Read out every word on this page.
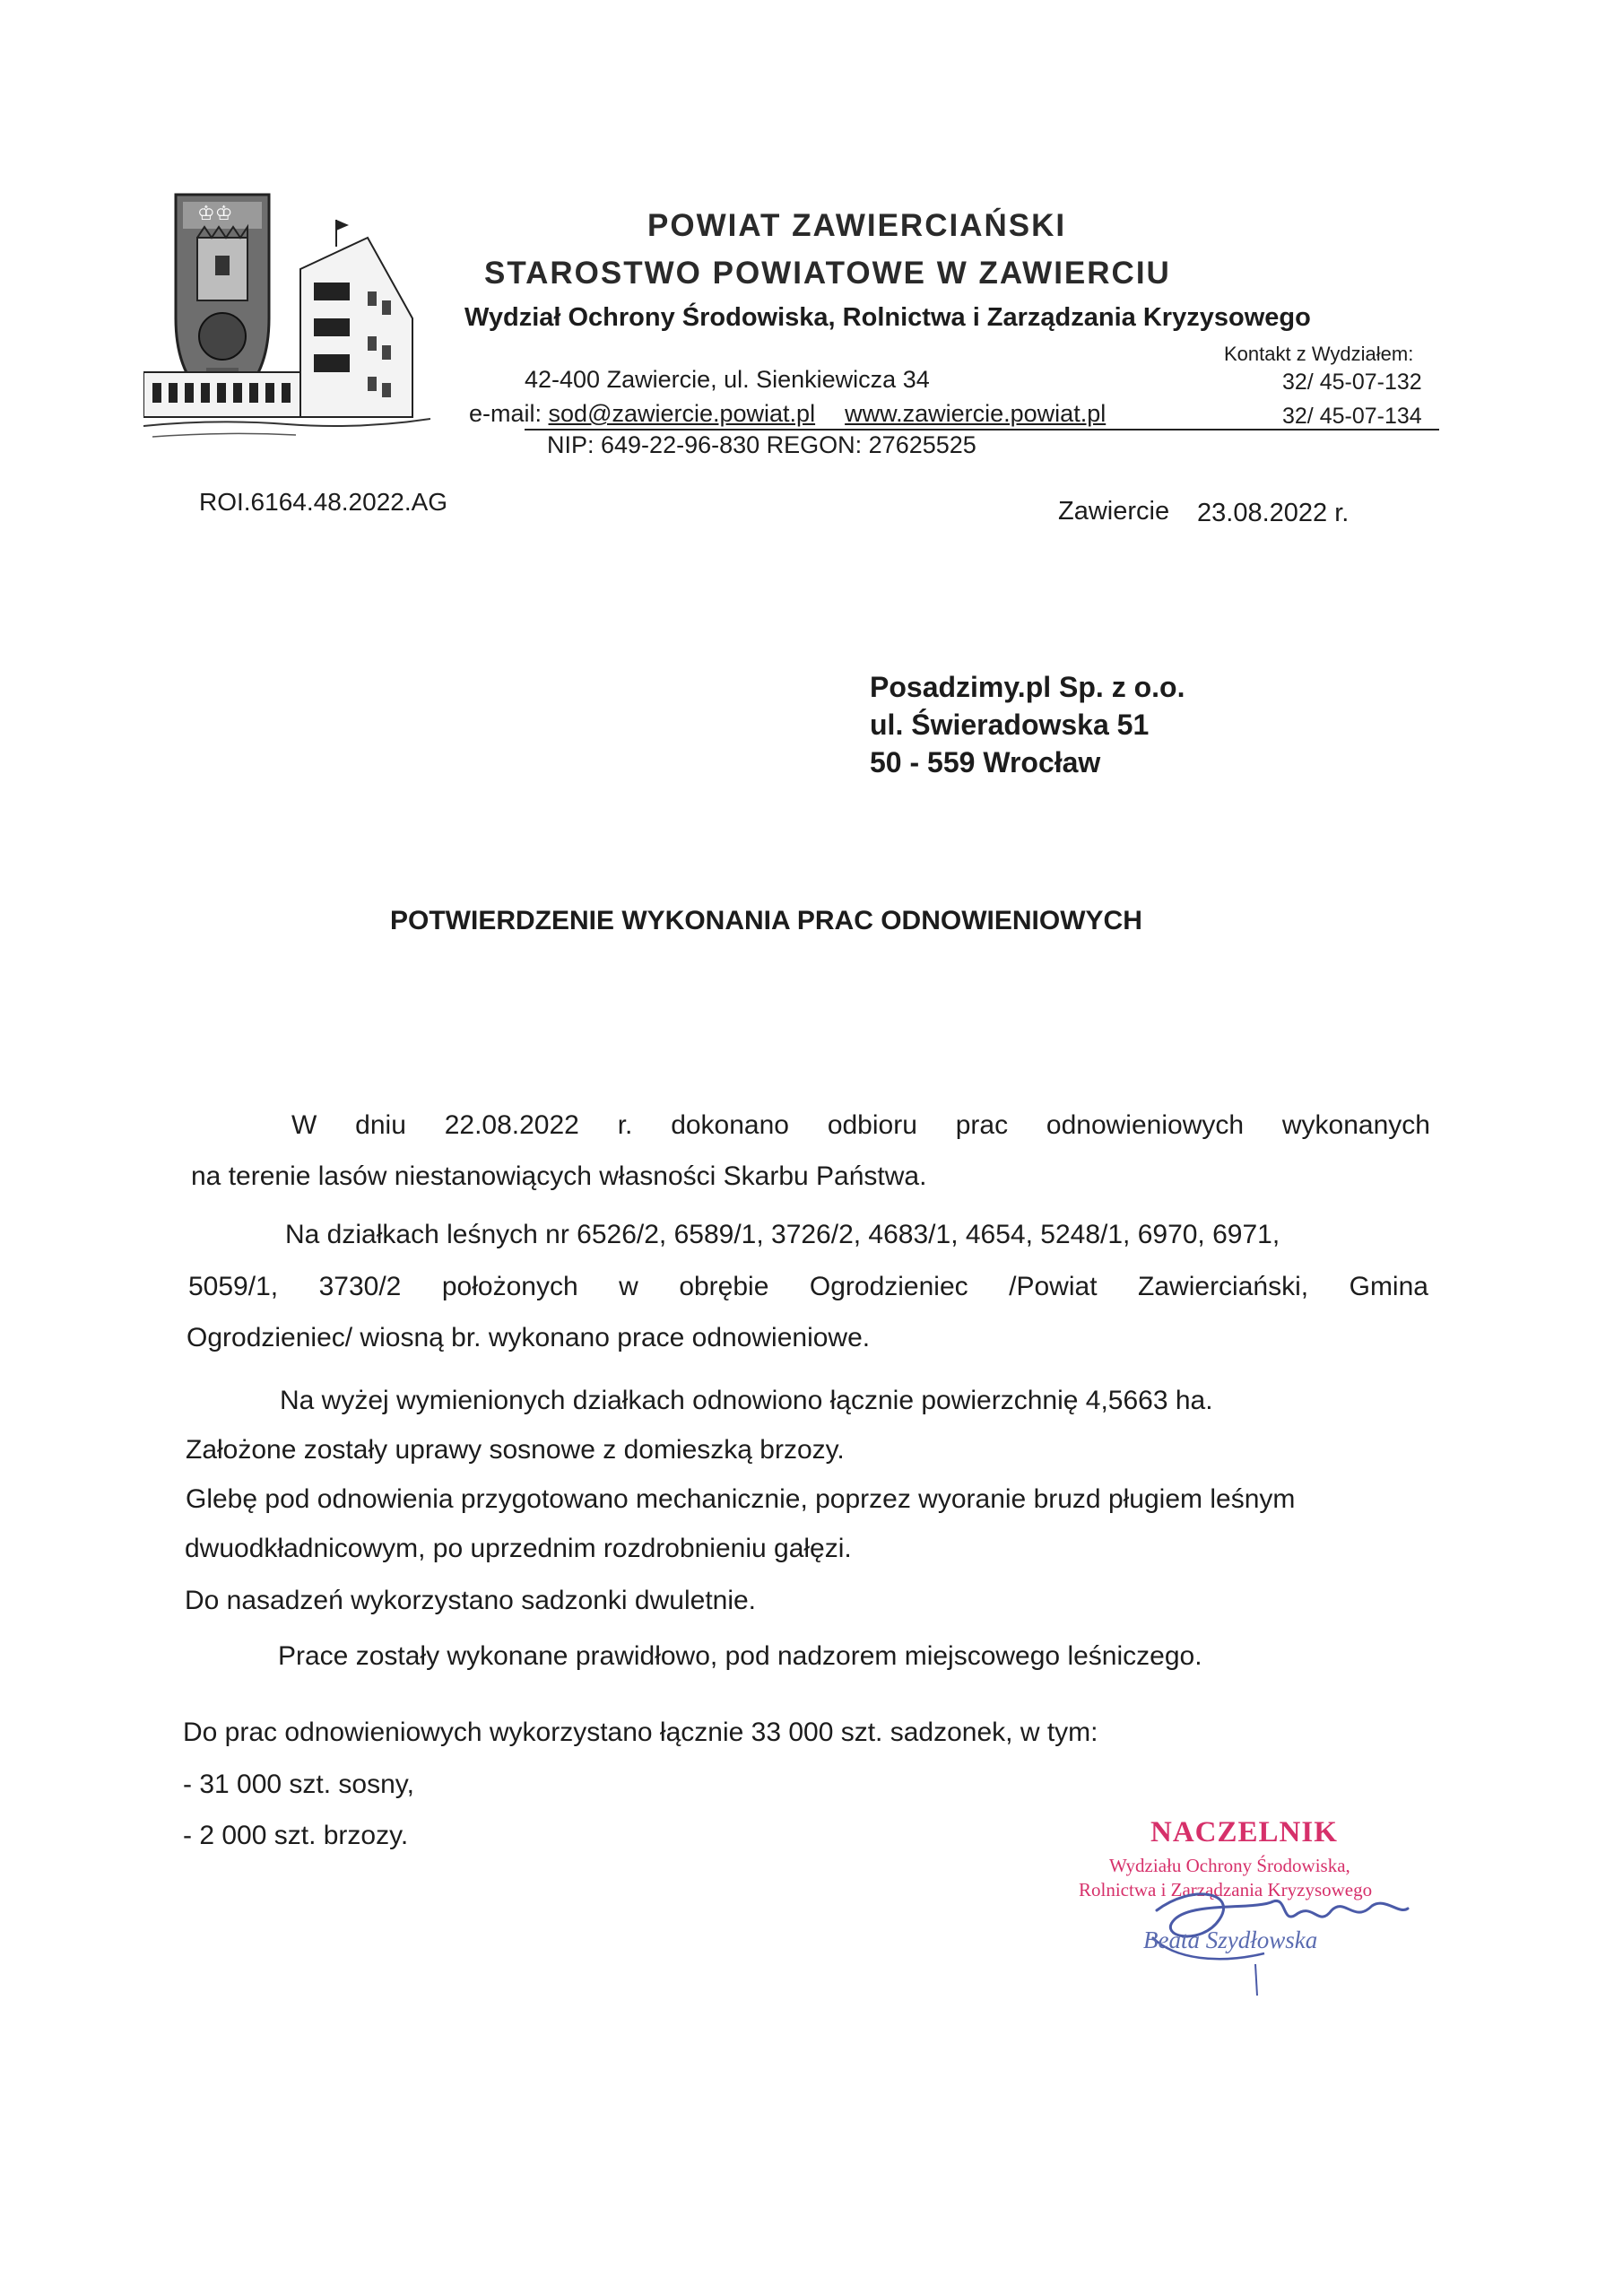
♔♔	POWIAT ZAWIERCIAŃSKI
STAROSTWO POWIATOWE W ZAWIERCIU
Wydział Ochrony Środowiska, Rolnictwa i Zarządzania Kryzysowego
Kontakt z Wydziałem:
42-400 Zawiercie, ul. Sienkiewicza 34	32/ 45-07-132
e-mail: sod@zawiercie.powiat.pl www.zawiercie.powiat.pl	32/ 45-07-134
NIP: 649-22-96-830 REGON: 27625525
ROI.6164.48.2022.AG	Zawiercie 23.08.2022 r.
Posadzimy.pl Sp. z o.o.
ul. Świeradowska 51
50 - 559 Wrocław
POTWIERDZENIE WYKONANIA PRAC ODNOWIENIOWYCH
W dniu 22.08.2022 r. dokonano odbioru prac odnowieniowych wykonanych
na terenie lasów niestanowiących własności Skarbu Państwa.
Na działkach leśnych nr 6526/2, 6589/1, 3726/2, 4683/1, 4654, 5248/1, 6970, 6971,
5059/1, 3730/2 położonych w obrębie Ogrodzieniec /Powiat Zawierciański, Gmina
Ogrodzieniec/ wiosną br. wykonano prace odnowieniowe.
Na wyżej wymienionych działkach odnowiono łącznie powierzchnię 4,5663 ha.
Założone zostały uprawy sosnowe z domieszką brzozy.
Glebę pod odnowienia przygotowano mechanicznie, poprzez wyoranie bruzd pługiem leśnym
dwuodkładnicowym, po uprzednim rozdrobnieniu gałęzi.
Do nasadzeń wykorzystano sadzonki dwuletnie.
Prace zostały wykonane prawidłowo, pod nadzorem miejscowego leśniczego.
Do prac odnowieniowych wykorzystano łącznie 33 000 szt. sadzonek, w tym:
- 31 000 szt. sosny,
- 2 000 szt. brzozy.	NACZELNIK
Wydziału Ochrony Środowiska,
Rolnictwa i Zarządzania Kryzysowego
Beata Szydłowska
